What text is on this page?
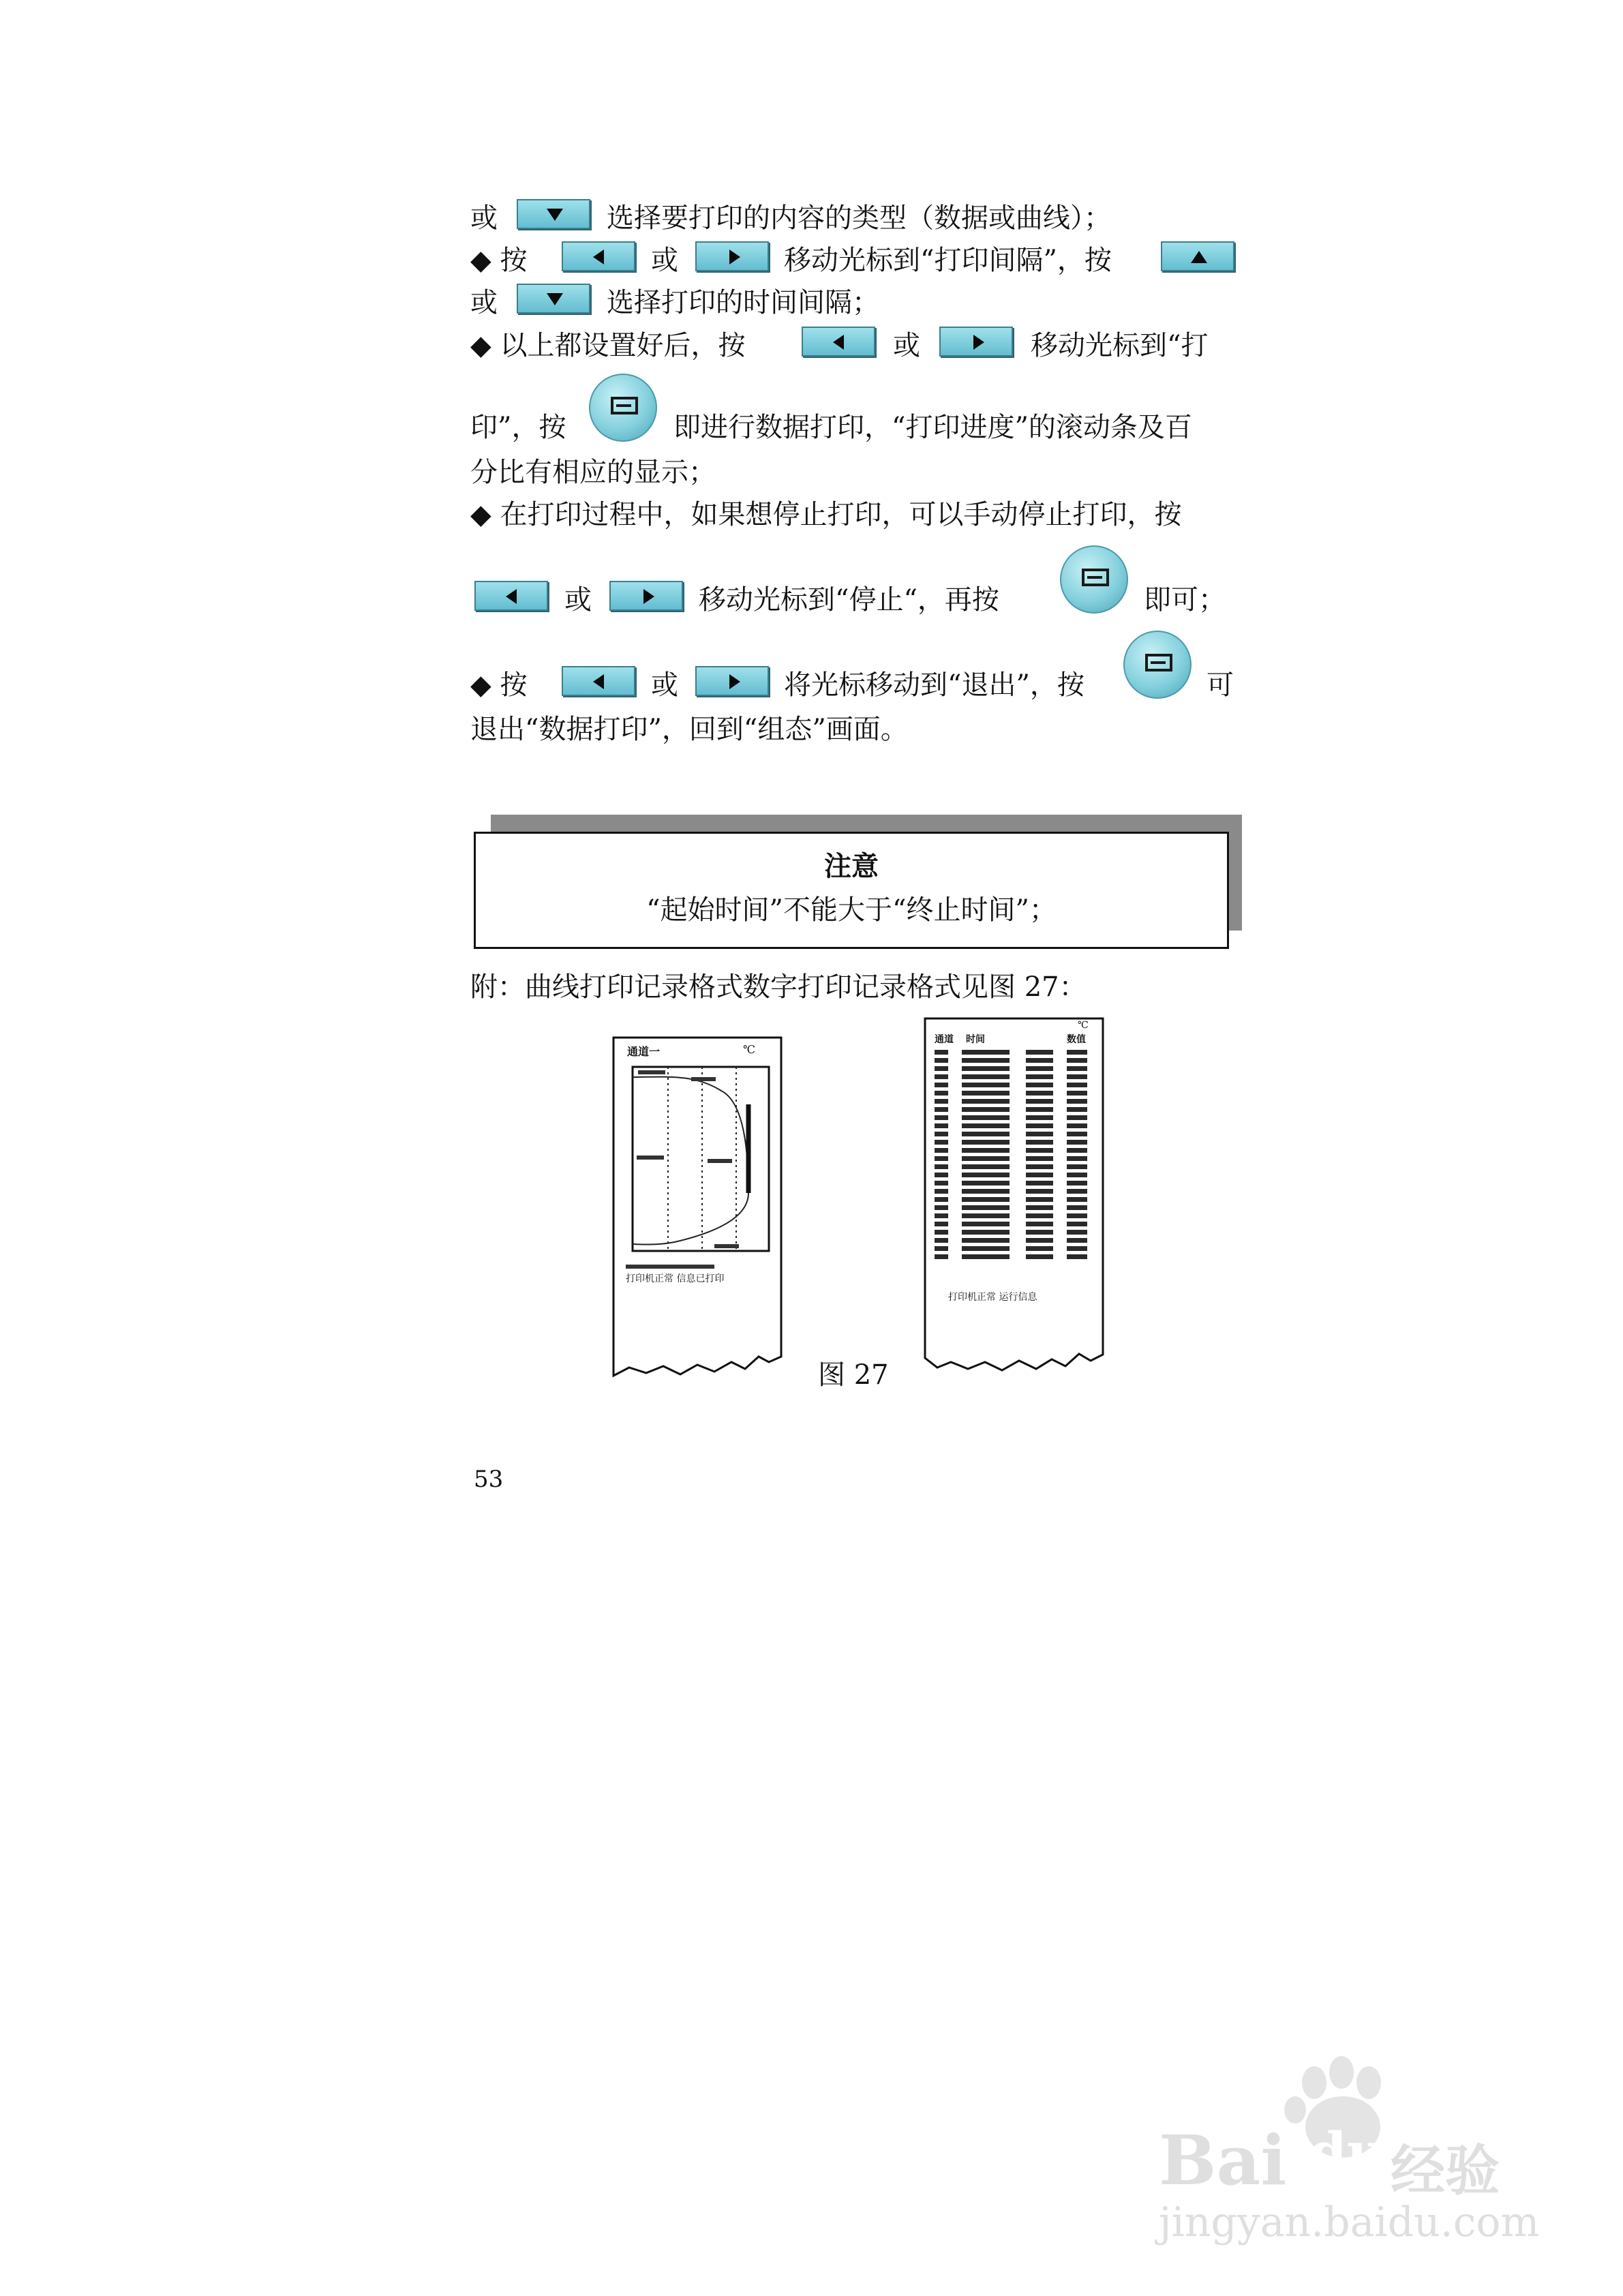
或	选择要打印的内容的类型（数据或曲线）；
◆ 按	或	移动光标到“打印间隔”，按
或	选择打印的时间间隔；
◆ 以上都设置好后，按	或	移动光标到“打
印”，按	即进行数据打印，“打印进度”的滚动条及百
分比有相应的显示；
◆ 在打印过程中，如果想停止打印，可以手动停止打印，按
或	移动光标到“停止“，再按	即可；
◆ 按	或	将光标移动到“退出”，按	可
退出“数据打印”，回到“组态”画面。
注意
“起始时间”不能大于“终止时间”；
附：曲线打印记录格式数字打印记录格式见图 27：
通道一	℃
打印机正常 信息已打印
通道 时间	数值
℃
打印机正常 运行信息
图 27
53
Bai du 经验
jingyan.baidu.com
